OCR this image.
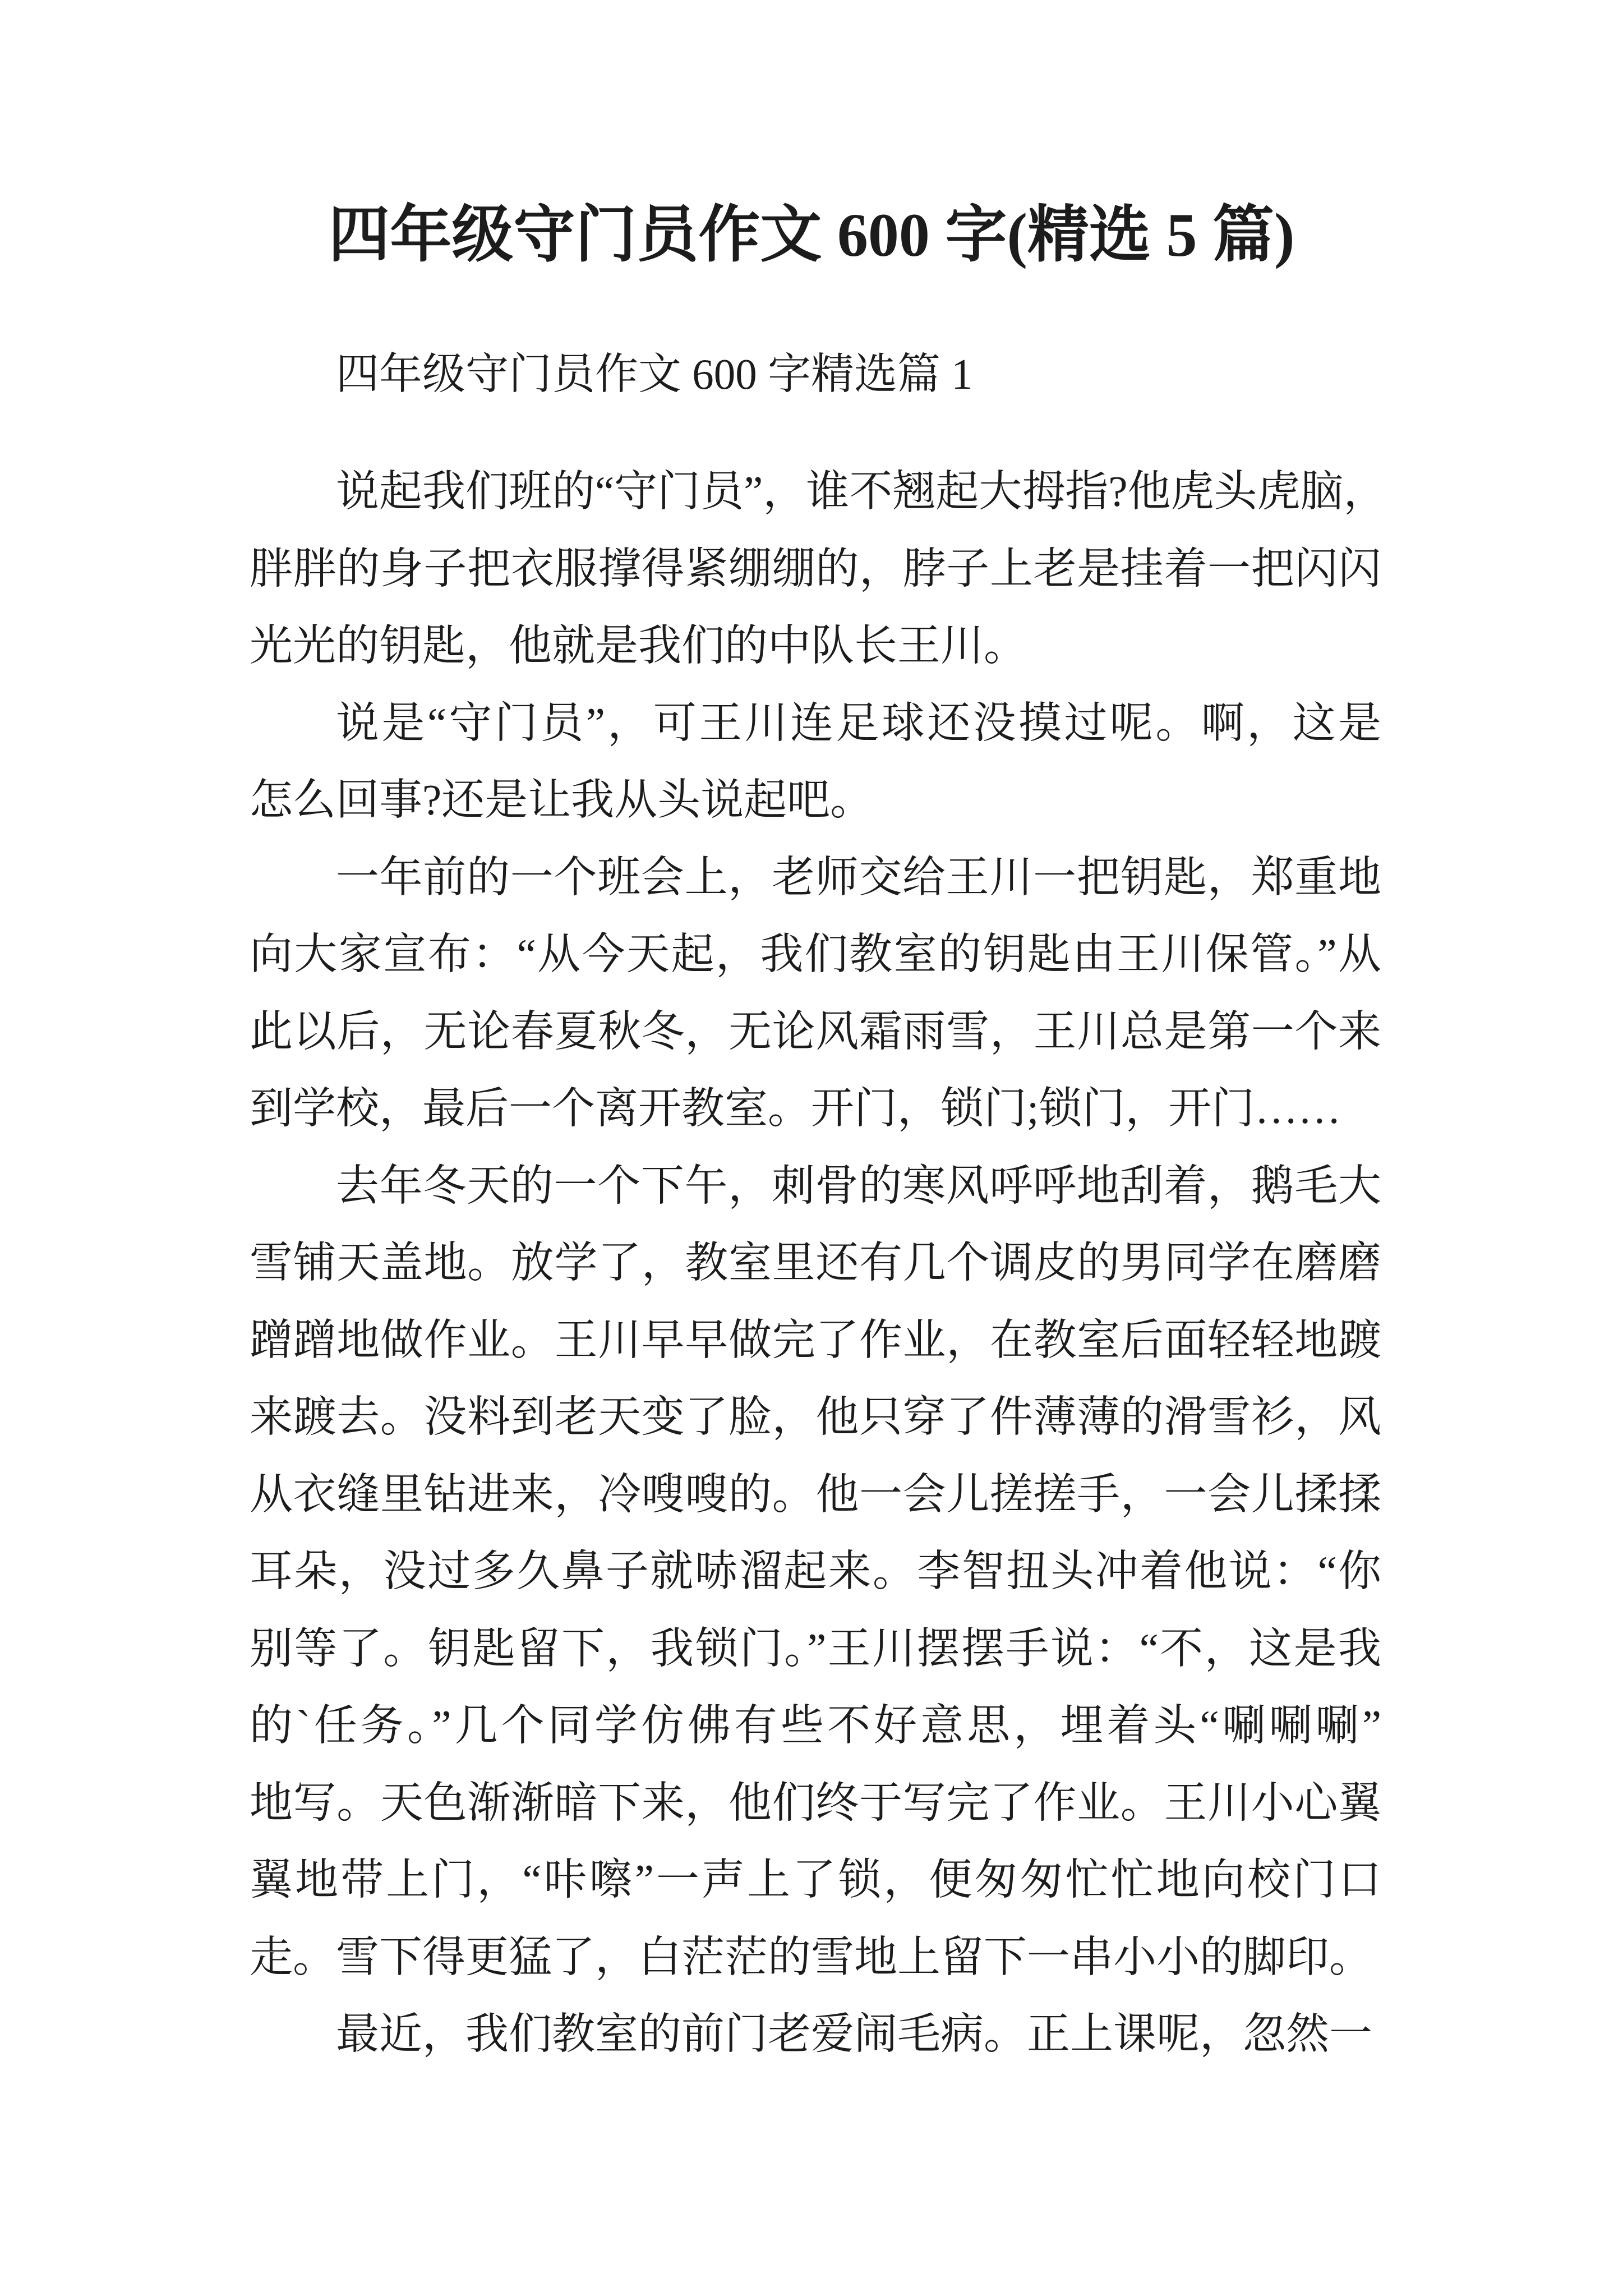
四年级守门员作文 600 字(精选 5 篇)
四年级守门员作文 600 字精选篇 1
说起我们班的“守门员”，谁不翘起大拇指?他虎头虎脑，
胖胖的身子把衣服撑得紧绷绷的，脖子上老是挂着一把闪闪
光光的钥匙，他就是我们的中队长王川。
说是“守门员”，可王川连足球还没摸过呢。啊，这是
怎么回事?还是让我从头说起吧。
一年前的一个班会上，老师交给王川一把钥匙，郑重地
向大家宣布：“从今天起，我们教室的钥匙由王川保管。”从
此以后，无论春夏秋冬，无论风霜雨雪，王川总是第一个来
到学校，最后一个离开教室。开门，锁门;锁门，开门……
去年冬天的一个下午，刺骨的寒风呼呼地刮着，鹅毛大
雪铺天盖地。放学了，教室里还有几个调皮的男同学在磨磨
蹭蹭地做作业。王川早早做完了作业，在教室后面轻轻地踱
来踱去。没料到老天变了脸，他只穿了件薄薄的滑雪衫，风
从衣缝里钻进来，冷嗖嗖的。他一会儿搓搓手，一会儿揉揉
耳朵，没过多久鼻子就哧溜起来。李智扭头冲着他说：“你
别等了。钥匙留下，我锁门。”王川摆摆手说：“不，这是我
的`任务。”几个同学仿佛有些不好意思，埋着头“唰唰唰”
地写。天色渐渐暗下来，他们终于写完了作业。王川小心翼
翼地带上门，“咔嚓”一声上了锁，便匆匆忙忙地向校门口
走。雪下得更猛了，白茫茫的雪地上留下一串小小的脚印。
最近，我们教室的前门老爱闹毛病。正上课呢，忽然一
